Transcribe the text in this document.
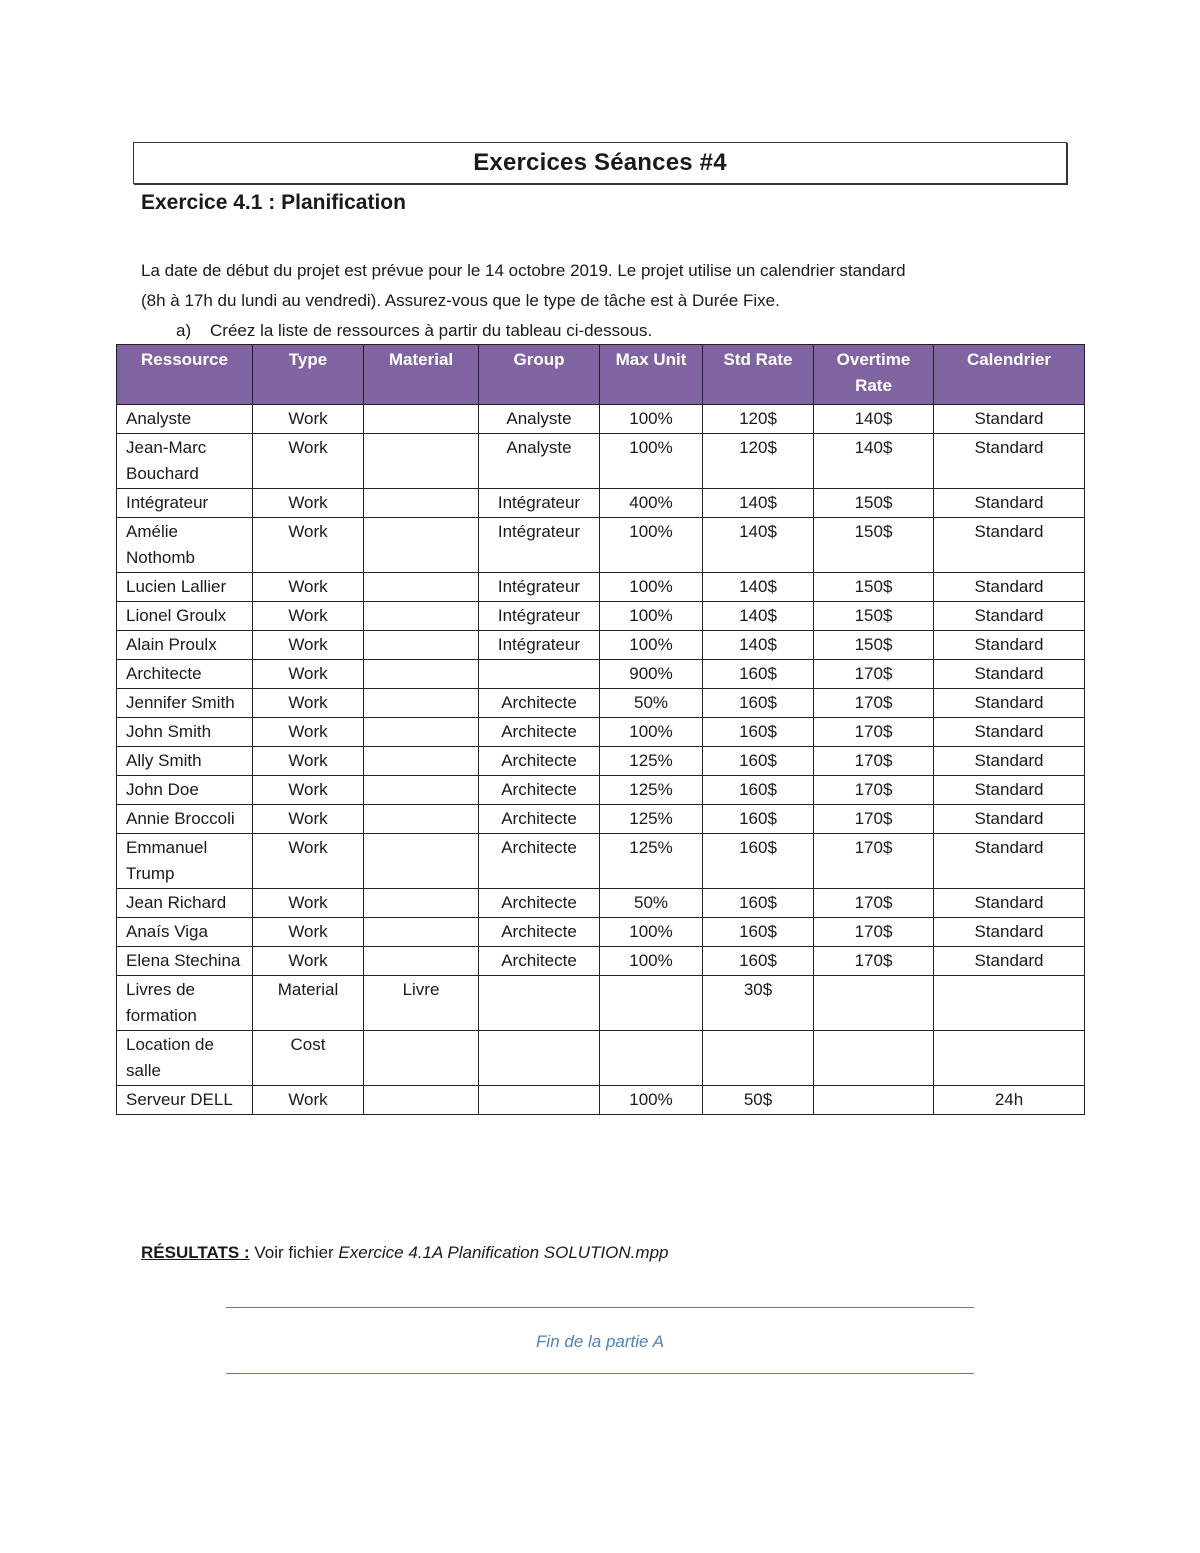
Exercices Séances #4
Exercice 4.1 : Planification
La date de début du projet est prévue pour le 14 octobre 2019. Le projet utilise un calendrier standard
(8h à 17h du lundi au vendredi). Assurez-vous que le type de tâche est à Durée Fixe.
a) Créez la liste de ressources à partir du tableau ci-dessous.
Ressource	Type	Material	Group	Max Unit	Std Rate	Overtime Rate	Calendrier
Analyste	Work		Analyste	100%	120$	140$	Standard
Jean-Marc Bouchard	Work		Analyste	100%	120$	140$	Standard
Intégrateur	Work		Intégrateur	400%	140$	150$	Standard
Amélie Nothomb	Work		Intégrateur	100%	140$	150$	Standard
Lucien Lallier	Work		Intégrateur	100%	140$	150$	Standard
Lionel Groulx	Work		Intégrateur	100%	140$	150$	Standard
Alain Proulx	Work		Intégrateur	100%	140$	150$	Standard
Architecte	Work			900%	160$	170$	Standard
Jennifer Smith	Work		Architecte	50%	160$	170$	Standard
John Smith	Work		Architecte	100%	160$	170$	Standard
Ally Smith	Work		Architecte	125%	160$	170$	Standard
John Doe	Work		Architecte	125%	160$	170$	Standard
Annie Broccoli	Work		Architecte	125%	160$	170$	Standard
Emmanuel Trump	Work		Architecte	125%	160$	170$	Standard
Jean Richard	Work		Architecte	50%	160$	170$	Standard
Anaís Viga	Work		Architecte	100%	160$	170$	Standard
Elena Stechina	Work		Architecte	100%	160$	170$	Standard
Livres de formation	Material	Livre			30$		
Location de salle	Cost						
Serveur DELL	Work			100%	50$		24h
RÉSULTATS : Voir fichier Exercice 4.1A Planification SOLUTION.mpp
Fin de la partie A
